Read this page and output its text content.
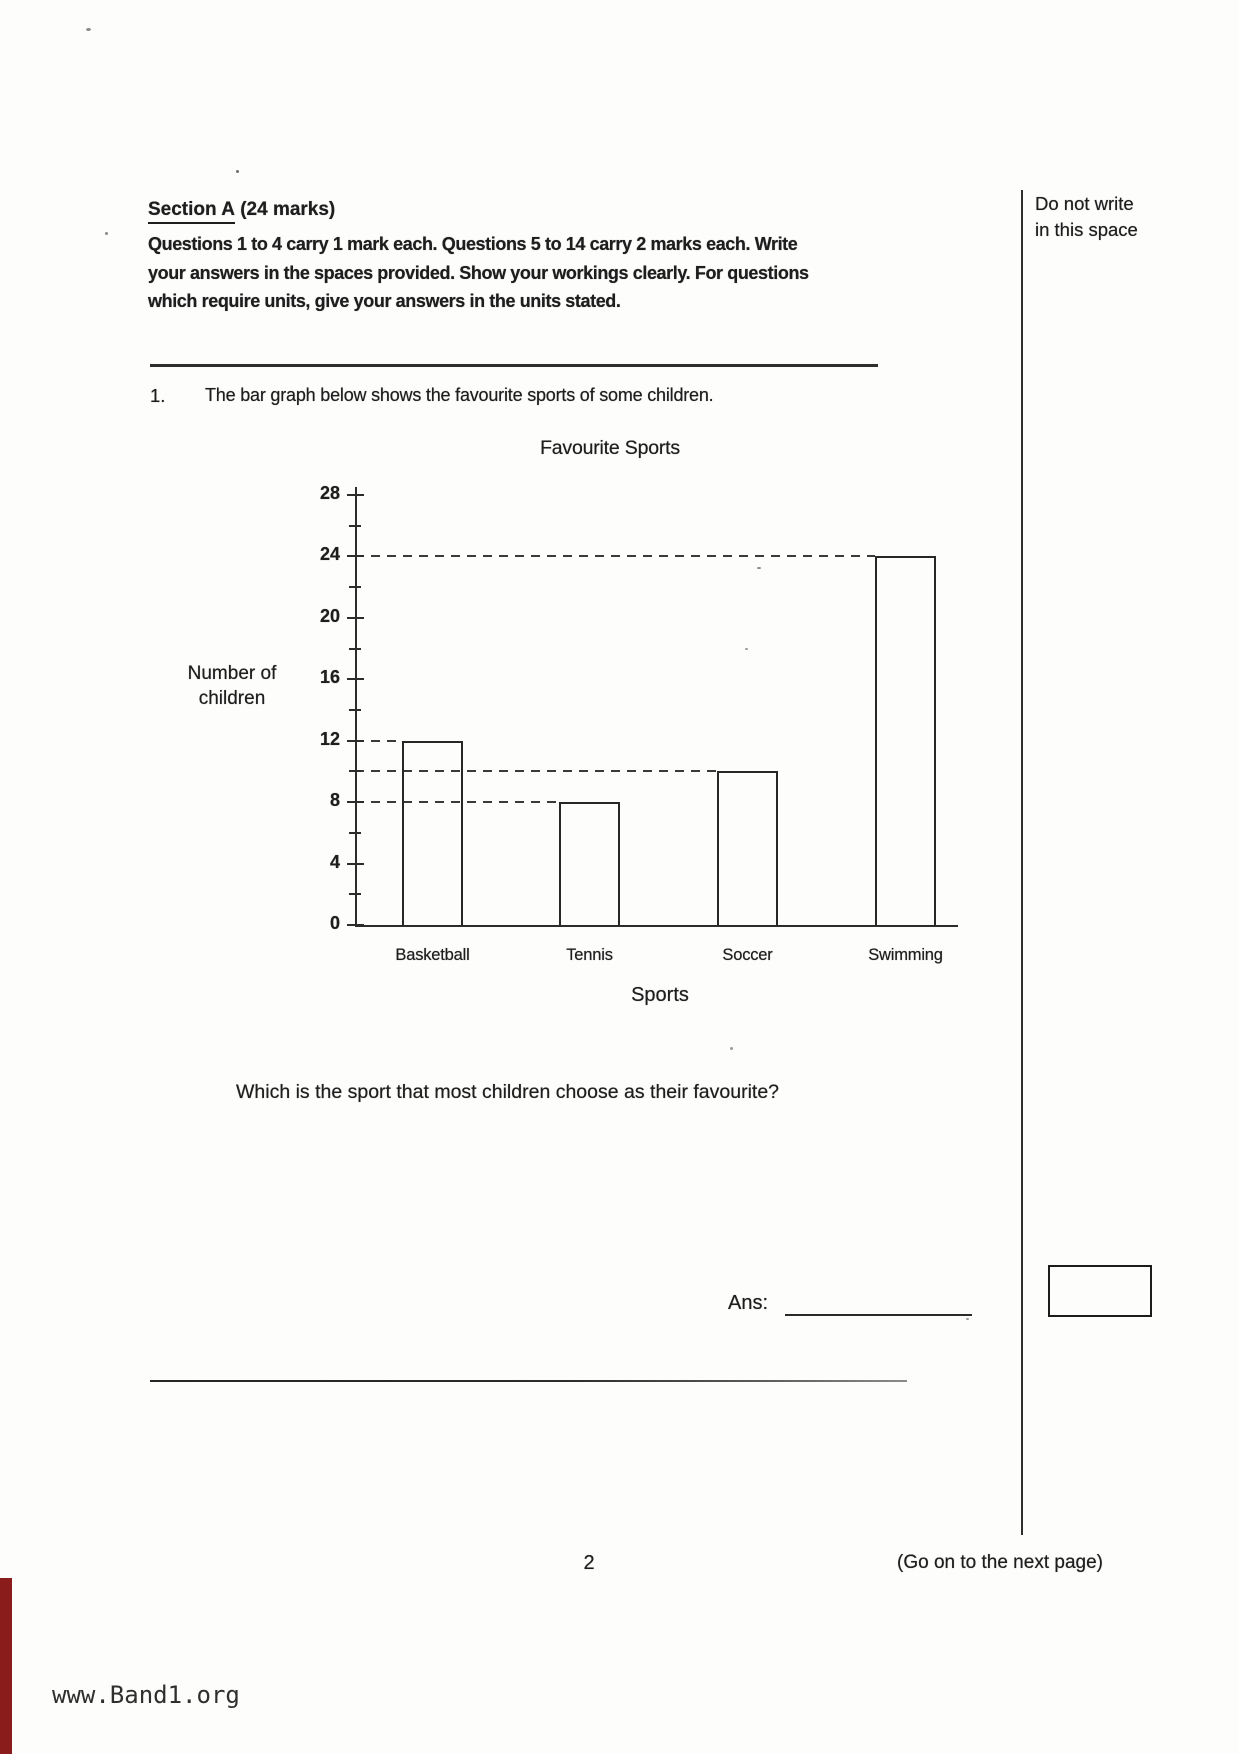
Do not write
in this space
Section A (24 marks)
Questions 1 to 4 carry 1 mark each. Questions 5 to 14 carry 2 marks each. Write
your answers in the spaces provided. Show your workings clearly. For questions
which require units, give your answers in the units stated.
1. The bar graph below shows the favourite sports of some children.
Favourite Sports
Number of children
Sports
0
4
8
12
16
20
24
28
Basketball	Tennis	Soccer	Swimming
Which is the sport that most children choose as their favourite?
Ans:
2	(Go on to the next page)
www.Band1.org
